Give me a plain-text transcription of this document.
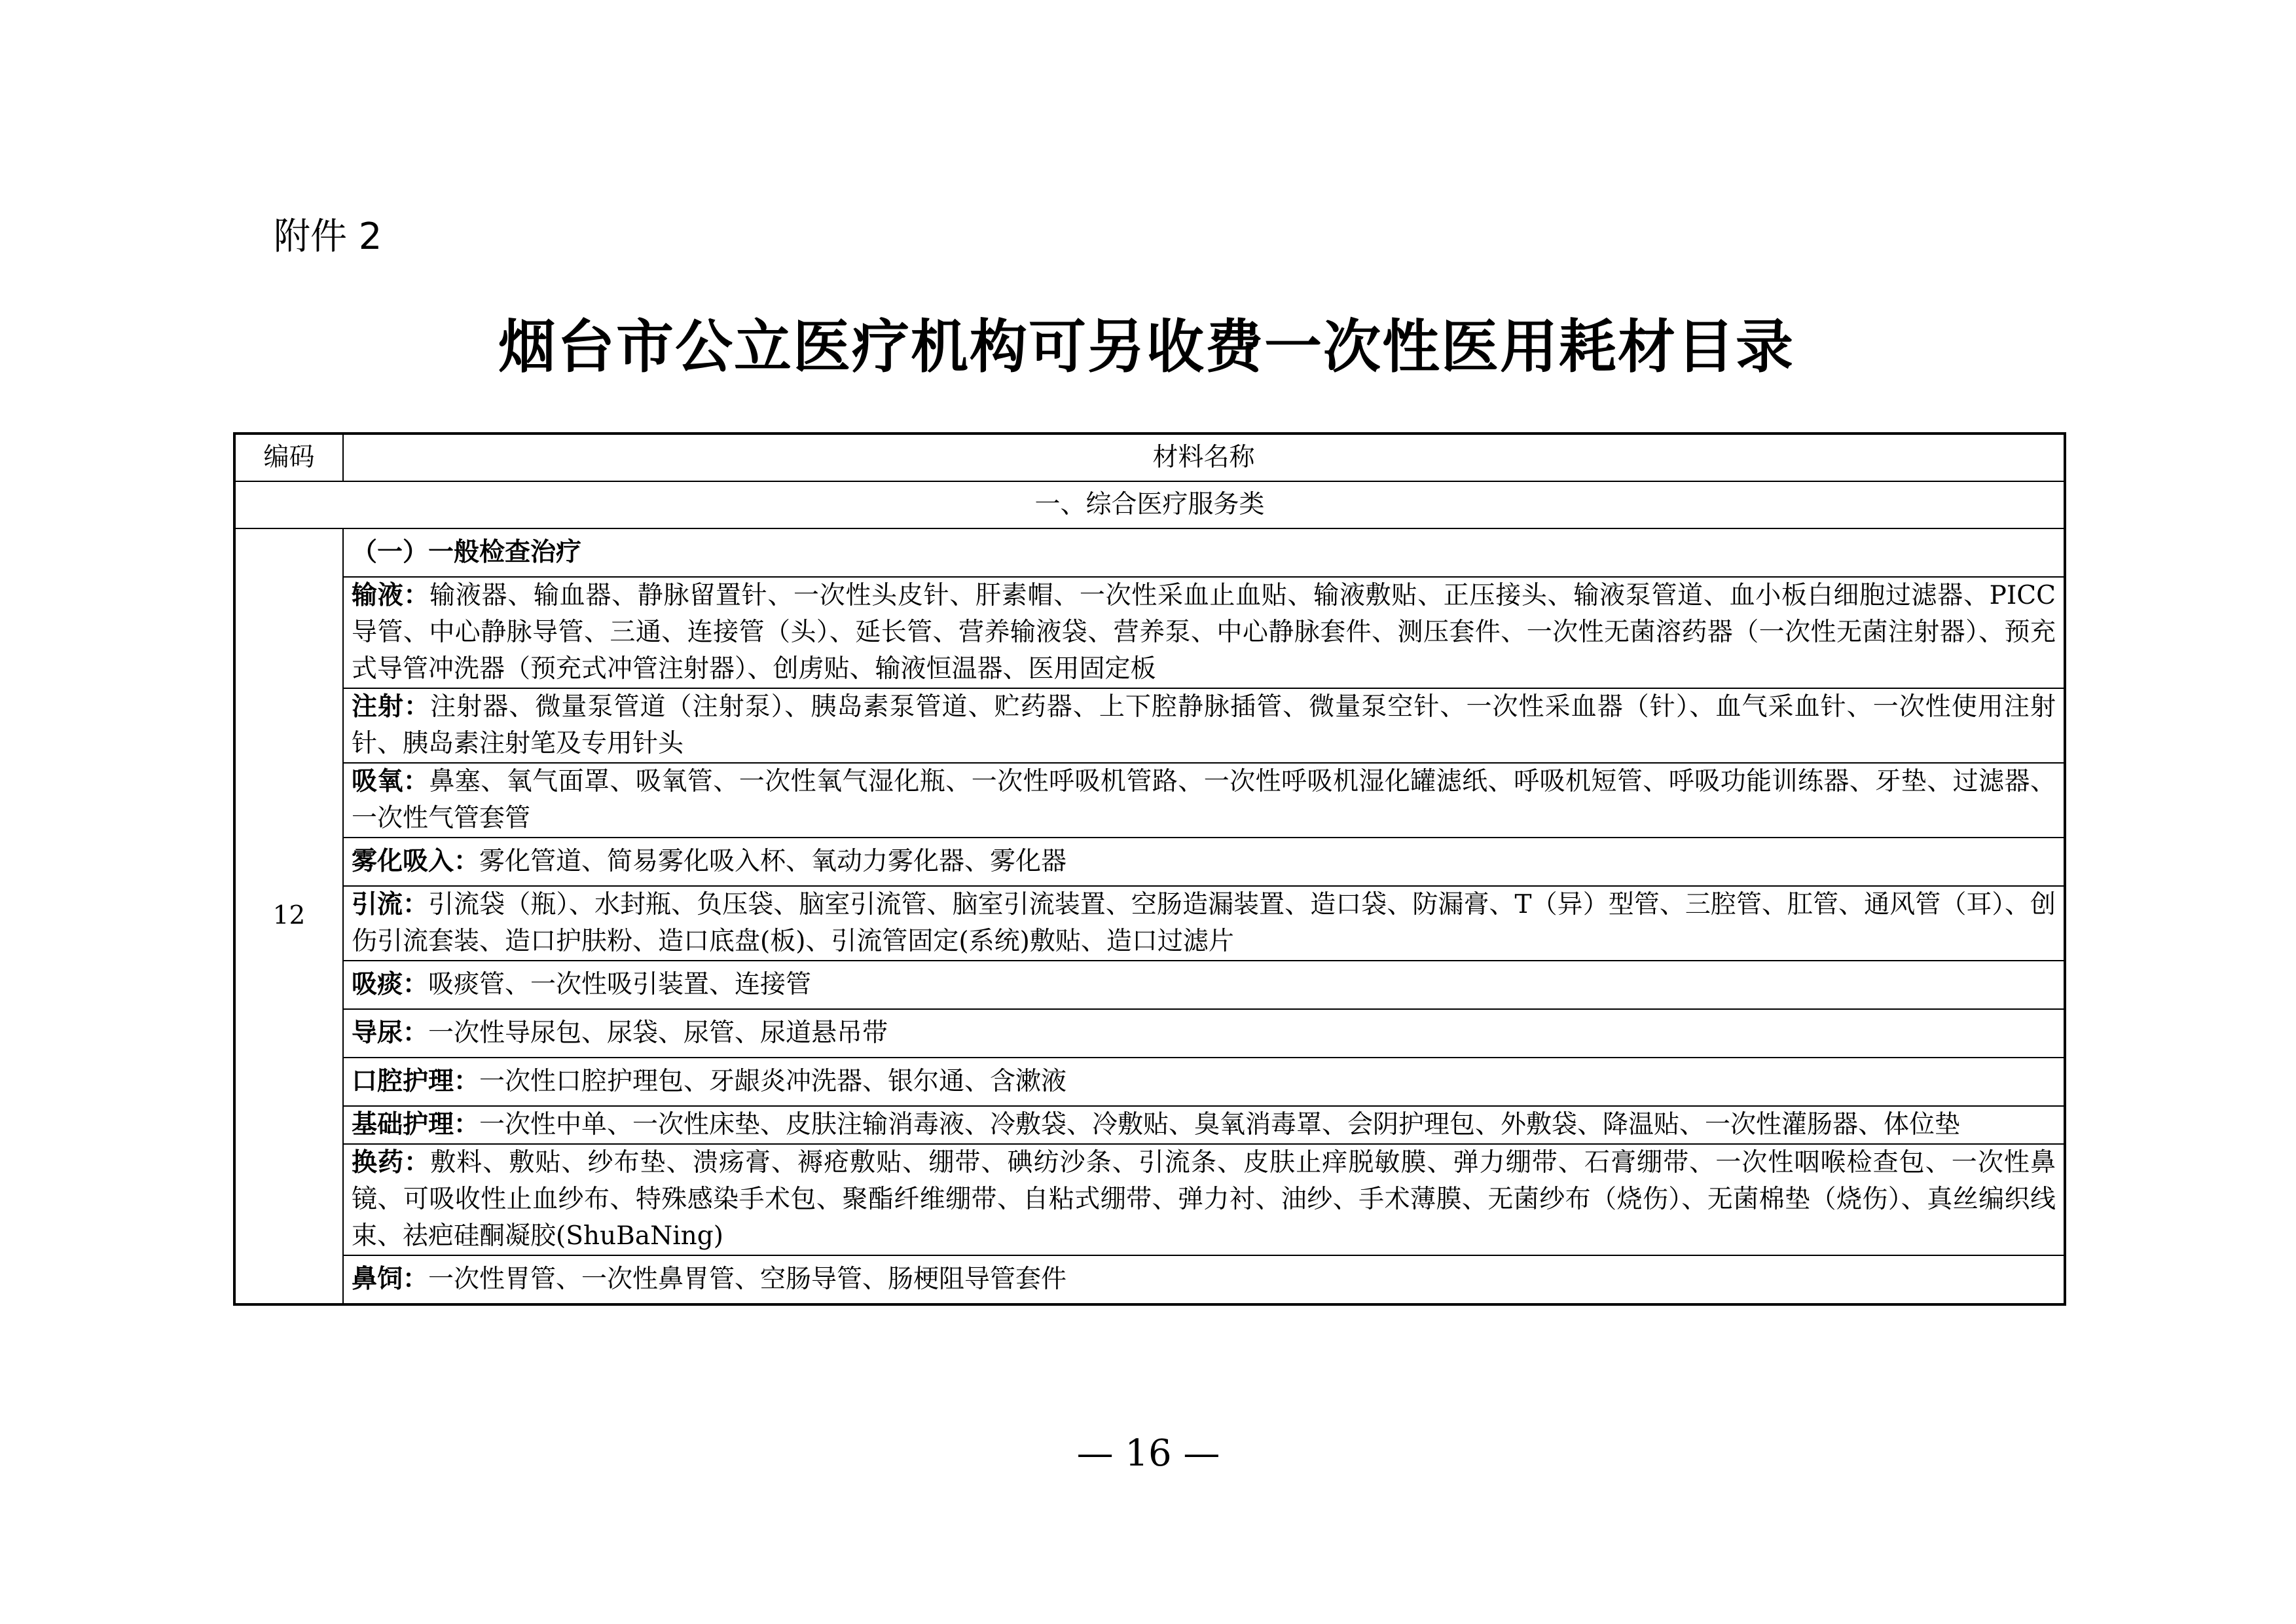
附件 2
烟台市公立医疗机构可另收费一次性医用耗材目录
编码	材料名称
一、综合医疗服务类	
12	（一）一般检查治疗
	输液：输液器、输血器、静脉留置针、一次性头皮针、肝素帽、一次性采血止血贴、输液敷贴、正压接头、输液泵管道、血小板白细胞过滤器、PICC 导管、中心静脉导管、三通、连接管（头）、延长管、营养输液袋、营养泵、中心静脉套件、测压套件、一次性无菌溶药器（一次性无菌注射器）、预充式导管冲洗器（预充式冲管注射器）、创虏贴、输液恒温器、医用固定板
	注射：注射器、微量泵管道（注射泵）、胰岛素泵管道、贮药器、上下腔静脉插管、微量泵空针、一次性采血器（针）、血气采血针、一次性使用注射针、胰岛素注射笔及专用针头
	吸氧：鼻塞、氧气面罩、吸氧管、一次性氧气湿化瓶、一次性呼吸机管路、一次性呼吸机湿化罐滤纸、呼吸机短管、呼吸功能训练器、牙垫、过滤器、一次性气管套管
	雾化吸入：雾化管道、简易雾化吸入杯、氧动力雾化器、雾化器
	引流：引流袋（瓶）、水封瓶、负压袋、脑室引流管、脑室引流装置、空肠造漏装置、造口袋、防漏膏、T（异）型管、三腔管、肛管、通风管（耳）、创伤引流套装、造口护肤粉、造口底盘(板)、引流管固定(系统)敷贴、造口过滤片
	吸痰：吸痰管、一次性吸引装置、连接管
	导尿：一次性导尿包、尿袋、尿管、尿道悬吊带
	口腔护理：一次性口腔护理包、牙龈炎冲洗器、银尔通、含漱液
	基础护理：一次性中单、一次性床垫、皮肤注输消毒液、冷敷袋、冷敷贴、臭氧消毒罩、会阴护理包、外敷袋、降温贴、一次性灌肠器、体位垫
	换药：敷料、敷贴、纱布垫、溃疡膏、褥疮敷贴、绷带、碘纺沙条、引流条、皮肤止痒脱敏膜、弹力绷带、石膏绷带、一次性咽喉检查包、一次性鼻镜、可吸收性止血纱布、特殊感染手术包、聚酯纤维绷带、自粘式绷带、弹力衬、油纱、手术薄膜、无菌纱布（烧伤）、无菌棉垫（烧伤）、真丝编织线束、祛疤硅酮凝胶(ShuBaNing)
	鼻饲：一次性胃管、一次性鼻胃管、空肠导管、肠梗阻导管套件
— 16 —
